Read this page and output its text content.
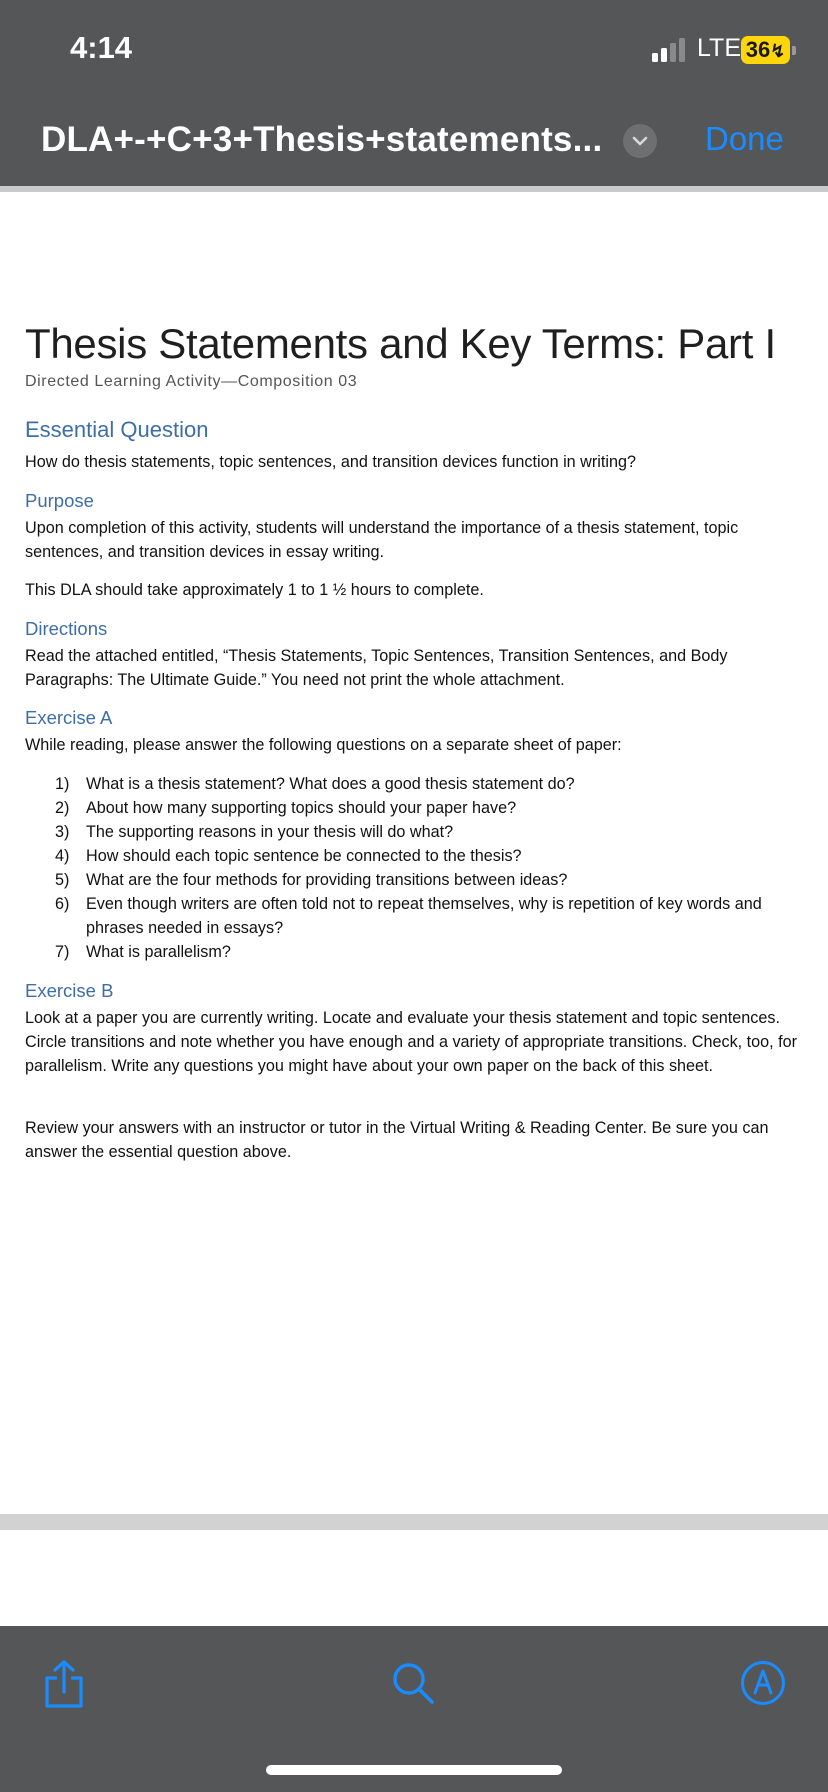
4:14	LTE 36↯
DLA+-+C+3+Thesis+statements...	Done
Thesis Statements and Key Terms: Part I
Directed Learning Activity—Composition 03
Essential Question
How do thesis statements, topic sentences, and transition devices function in writing?
Purpose
Upon completion of this activity, students will understand the importance of a thesis statement, topic sentences, and transition devices in essay writing.
This DLA should take approximately 1 to 1 ½ hours to complete.
Directions
Read the attached entitled, “Thesis Statements, Topic Sentences, Transition Sentences, and Body Paragraphs: The Ultimate Guide.” You need not print the whole attachment.
Exercise A
While reading, please answer the following questions on a separate sheet of paper:
1) What is a thesis statement? What does a good thesis statement do?
2) About how many supporting topics should your paper have?
3) The supporting reasons in your thesis will do what?
4) How should each topic sentence be connected to the thesis?
5) What are the four methods for providing transitions between ideas?
6) Even though writers are often told not to repeat themselves, why is repetition of key words and phrases needed in essays?
7) What is parallelism?
Exercise B
Look at a paper you are currently writing. Locate and evaluate your thesis statement and topic sentences. Circle transitions and note whether you have enough and a variety of appropriate transitions. Check, too, for parallelism. Write any questions you might have about your own paper on the back of this sheet.
Review your answers with an instructor or tutor in the Virtual Writing & Reading Center. Be sure you can answer the essential question above.
